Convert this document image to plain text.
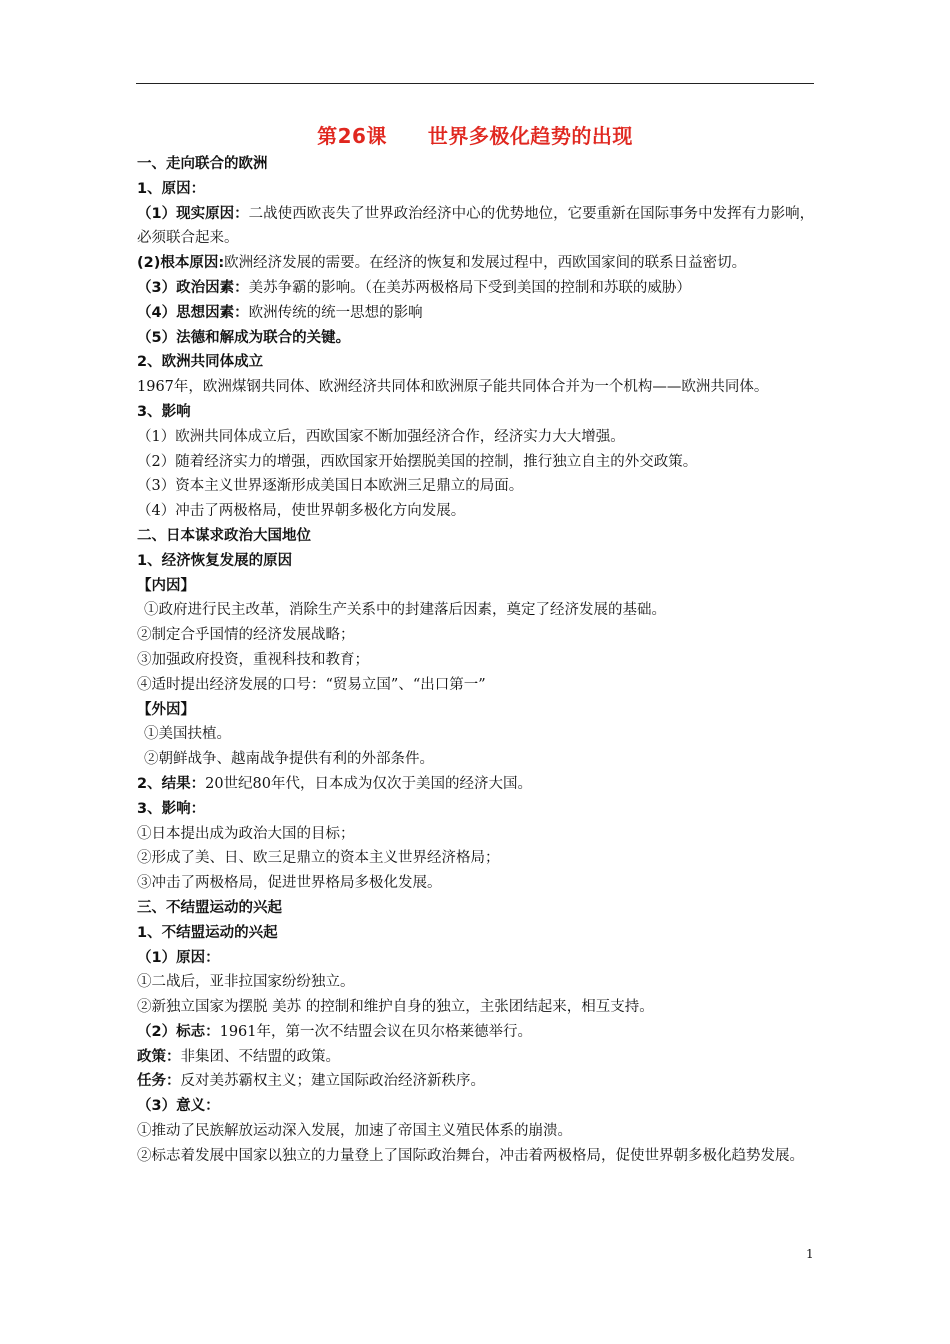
第26课　　世界多极化趋势的出现
一、走向联合的欧洲
1、原因：
（1）现实原因：二战使西欧丧失了世界政治经济中心的优势地位，它要重新在国际事务中发挥有力影响，必须联合起来。
(2)根本原因:欧洲经济发展的需要。在经济的恢复和发展过程中，西欧国家间的联系日益密切。
（3）政治因素：美苏争霸的影响。（在美苏两极格局下受到美国的控制和苏联的威胁）
（4）思想因素：欧洲传统的统一思想的影响
（5）法德和解成为联合的关键。
2、欧洲共同体成立
1967年，欧洲煤钢共同体、欧洲经济共同体和欧洲原子能共同体合并为一个机构——欧洲共同体。
3、影响
（1）欧洲共同体成立后，西欧国家不断加强经济合作，经济实力大大增强。
（2）随着经济实力的增强，西欧国家开始摆脱美国的控制，推行独立自主的外交政策。
（3）资本主义世界逐渐形成美国日本欧洲三足鼎立的局面。
（4）冲击了两极格局，使世界朝多极化方向发展。
二、日本谋求政治大国地位
1、经济恢复发展的原因
【内因】
①政府进行民主改革，消除生产关系中的封建落后因素，奠定了经济发展的基础。
②制定合乎国情的经济发展战略；
③加强政府投资，重视科技和教育；
④适时提出经济发展的口号：“贸易立国”、“出口第一”
【外因】
①美国扶植。
②朝鲜战争、越南战争提供有利的外部条件。
2、结果：20世纪80年代，日本成为仅次于美国的经济大国。
3、影响：
①日本提出成为政治大国的目标；
②形成了美、日、欧三足鼎立的资本主义世界经济格局；
③冲击了两极格局，促进世界格局多极化发展。
三、不结盟运动的兴起
1、不结盟运动的兴起
（1）原因：
①二战后，亚非拉国家纷纷独立。
②新独立国家为摆脱 美苏 的控制和维护自身的独立，主张团结起来，相互支持。
（2）标志：1961年，第一次不结盟会议在贝尔格莱德举行。
政策：非集团、不结盟的政策。
任务：反对美苏霸权主义；建立国际政治经济新秩序。
（3）意义：
①推动了民族解放运动深入发展，加速了帝国主义殖民体系的崩溃。
②标志着发展中国家以独立的力量登上了国际政治舞台，冲击着两极格局，促使世界朝多极化趋势发展。
1
